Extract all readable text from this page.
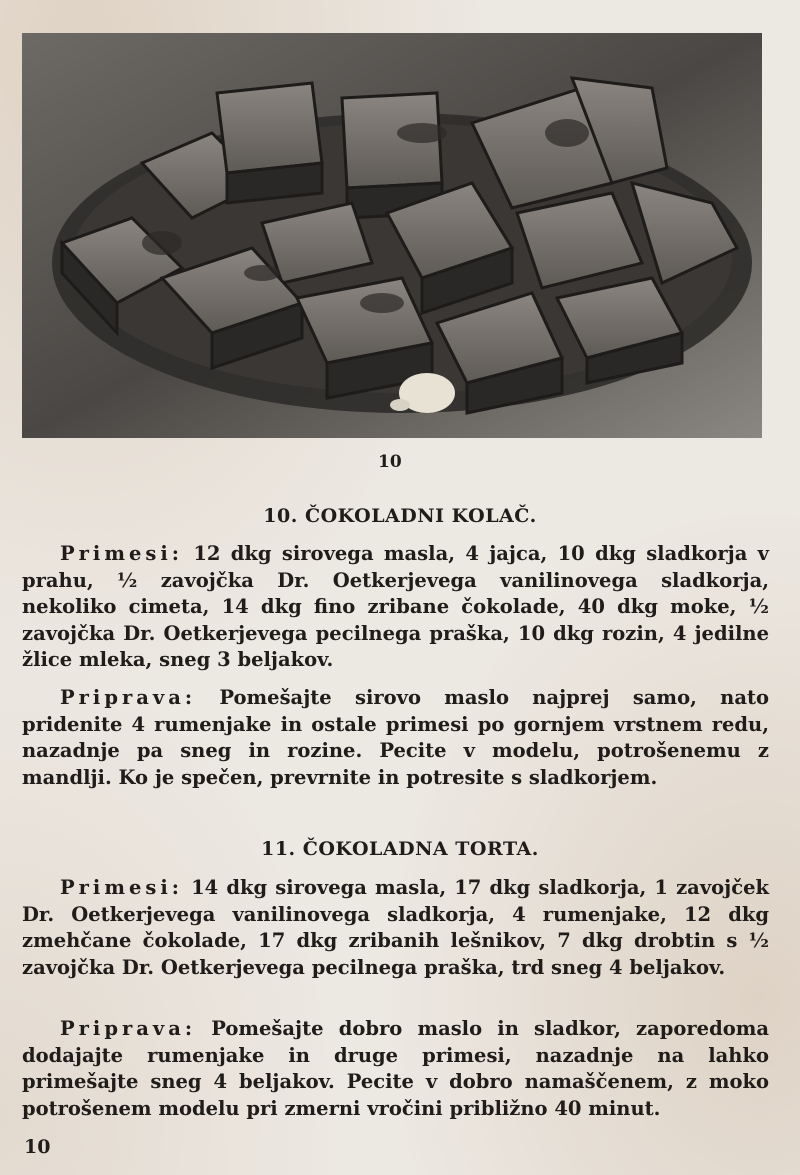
10
10. ČOKOLADNI KOLAČ.
Primesi: 12 dkg sirovega masla, 4 jajca, 10 dkg sladkorja v prahu, ½ zavojčka Dr. Oetkerjevega vanilinovega sladkorja, nekoliko cimeta, 14 dkg fino zribane čokolade, 40 dkg moke, ½ zavojčka Dr. Oetkerjevega pecilnega praška, 10 dkg rozin, 4 jedilne žlice mleka, sneg 3 beljakov.
Priprava: Pomešajte sirovo maslo najprej samo, nato pridenite 4 rumenjake in ostale primesi po gornjem vrstnem redu, nazadnje pa sneg in rozine. Pecite v modelu, potrošenemu z mandlji. Ko je spečen, prevrnite in potresite s sladkorjem.
11. ČOKOLADNA TORTA.
Primesi: 14 dkg sirovega masla, 17 dkg sladkorja, 1 zavojček Dr. Oetkerjevega vanilinovega sladkorja, 4 rumenjake, 12 dkg zmehčane čokolade, 17 dkg zribanih lešnikov, 7 dkg drobtin s ½ zavojčka Dr. Oetkerjevega pecilnega praška, trd sneg 4 beljakov.
Priprava: Pomešajte dobro maslo in sladkor, zaporedoma dodajajte rumenjake in druge primesi, nazadnje na lahko primešajte sneg 4 beljakov. Pecite v dobro namaščenem, z moko potrošenem modelu pri zmerni vročini približno 40 minut.
10
